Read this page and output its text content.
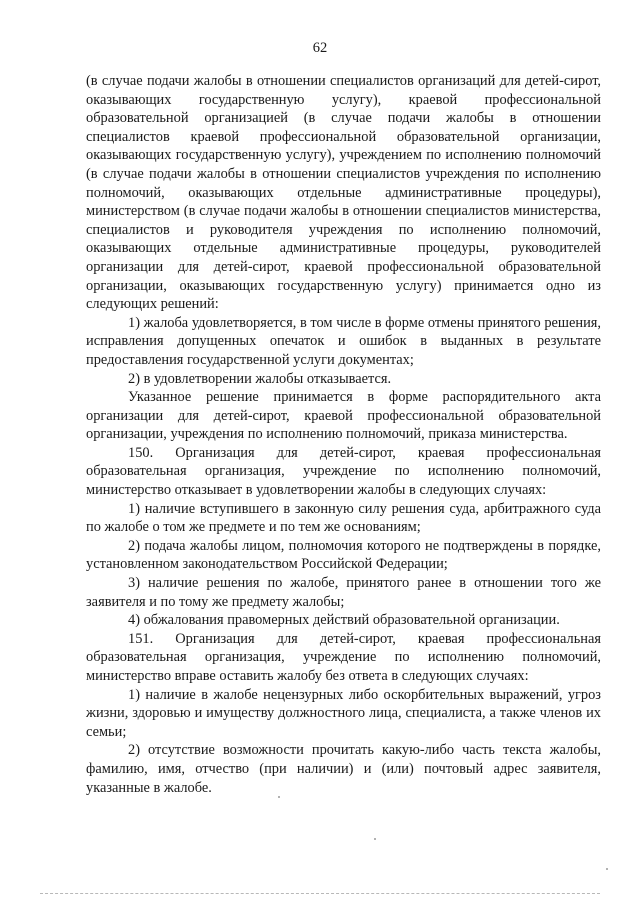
62

(в случае подачи жалобы в отношении специалистов организаций для детей-сирот, оказывающих государственную услугу), краевой профессиональной образовательной организацией (в случае подачи жалобы в отношении специалистов краевой профессиональной образовательной организации, оказывающих государственную услугу), учреждением по исполнению полномочий (в случае подачи жалобы в отношении специалистов учреждения по исполнению полномочий, оказывающих отдельные административные процедуры), министерством (в случае подачи жалобы в отношении специалистов министерства, специалистов и руководителя учреждения по исполнению полномочий, оказывающих отдельные административные процедуры, руководителей организации для детей-сирот, краевой профессиональной образовательной организации, оказывающих государственную услугу) принимается одно из следующих решений:

1) жалоба удовлетворяется, в том числе в форме отмены принятого решения, исправления допущенных опечаток и ошибок в выданных в результате предоставления государственной услуги документах;

2) в удовлетворении жалобы отказывается.

Указанное решение принимается в форме распорядительного акта организации для детей-сирот, краевой профессиональной образовательной организации, учреждения по исполнению полномочий, приказа министерства.

150. Организация для детей-сирот, краевая профессиональная образовательная организация, учреждение по исполнению полномочий, министерство отказывает в удовлетворении жалобы в следующих случаях:

1) наличие вступившего в законную силу решения суда, арбитражного суда по жалобе о том же предмете и по тем же основаниям;

2) подача жалобы лицом, полномочия которого не подтверждены в порядке, установленном законодательством Российской Федерации;

3) наличие решения по жалобе, принятого ранее в отношении того же заявителя и по тому же предмету жалобы;

4) обжалования правомерных действий образовательной организации.

151. Организация для детей-сирот, краевая профессиональная образовательная организация, учреждение по исполнению полномочий, министерство вправе оставить жалобу без ответа в следующих случаях:

1) наличие в жалобе нецензурных либо оскорбительных выражений, угроз жизни, здоровью и имуществу должностного лица, специалиста, а также членов их семьи;

2) отсутствие возможности прочитать какую-либо часть текста жалобы, фамилию, имя, отчество (при наличии) и (или) почтовый адрес заявителя, указанные в жалобе.
